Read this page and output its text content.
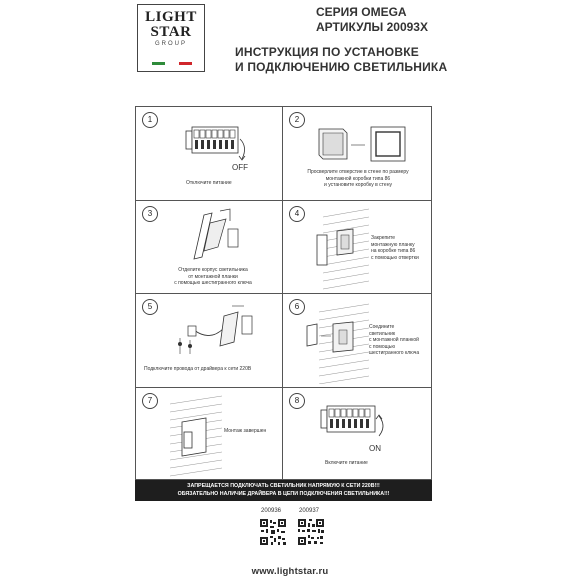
LIGHT
STAR
GROUP
СЕРИЯ OMEGA
АРТИКУЛЫ 20093X
ИНСТРУКЦИЯ ПО УСТАНОВКЕ
И ПОДКЛЮЧЕНИЮ СВЕТИЛЬНИКА
1
OFF
Отключите питание
2
Просверлите отверстие в стене по размеру
монтажной коробки типа 86
и установите коробку в стену
3
Отделите корпус светильника
от монтажной планки
с помощью шестигранного ключа
4
Закрепите
монтажную планку
на коробке типа 86
с помощью отвертки
5
Подключите провода от драйвера к сети 220В
6
Соедините
светильник
с монтажной планкой
с помощью
шестигранного ключа
7
Монтаж завершен
8
ON
Включите питание
ЗАПРЕЩАЕТСЯ ПОДКЛЮЧАТЬ СВЕТИЛЬНИК НАПРЯМУЮ К СЕТИ 220В!!!
ОБЯЗАТЕЛЬНО НАЛИЧИЕ ДРАЙВЕРА В ЦЕПИ ПОДКЛЮЧЕНИЯ СВЕТИЛЬНИКА!!!
200936	200937
www.lightstar.ru
